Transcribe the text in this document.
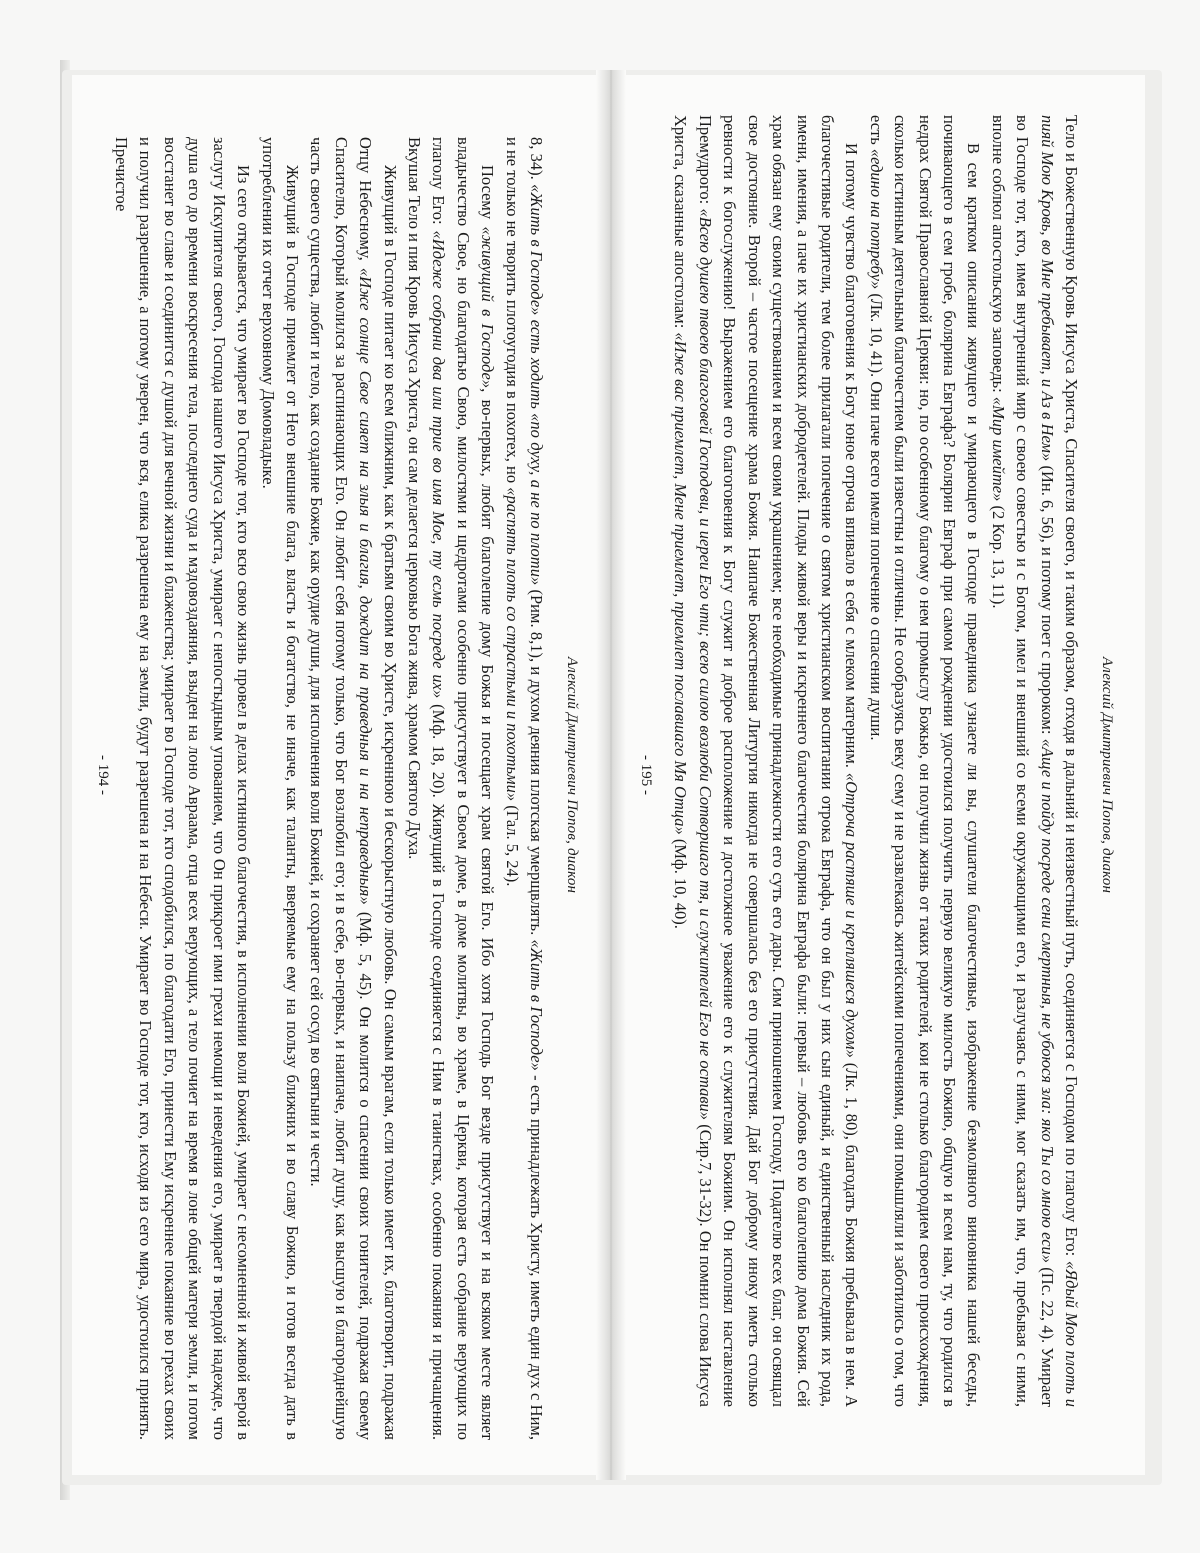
Алексий Дмитриевич Попов, диакон

8, 34). «Жить в Господе» есть ходить «по духу, а не по плоти» (Рим. 8,1), и духом деяния плотская умерщвлять. «Жить в Господе» - есть принадлежать Христу, иметь един дух с Ним, и не только не творить плотоугодия в похотех, но «распять плоть со страстьми и похотьми» (Гал. 5, 24).

Посему «живущий в Господе», во-первых, любит благолепие дому Божья и посещает храм святой Его. Ибо хотя Господь Бог везде присутствует и на всяком месте являет владычество Свое, но благодатью Свою, милостями и щедротами особенно присутствует в Своем доме, в доме молитвы, во храме, в Церкви, которая есть собрание верующих по глаголу Его: «Идеже собрани два или трие во имя Мое, ту есмь посреде их» (Мф. 18, 20). Живущий в Господе соединяется с Ним в таинствах, особенно покаяния и причащения. Вкушая Тело и пия Кровь Иисуса Христа, он сам делается церковью Бога жива, храмом Святого Духа.

Живущий в Господе питает ко всем ближним, как к братьям своим во Христе, искреннюю и бескорыстную любовь. Он самым врагам, если только имеет их, благотворит, подражая Отцу Небесному, «Иже солнце Свое сияет на злыя и благия, дождит на праведныя и на неправедныя» (Мф. 5, 45). Он молится о спасении своих гонителей, подражая своему Спасителю, Который молился за распинающих Его. Он любит себя потому только, что Бог возлюбил его; и в себе, во-первых, и наипаче, любит душу, как высшую и благороднейшую часть своего существа, любит и тело, как создание Божие, как орудие души, для исполнения воли Божией, и сохраняет сей сосуд во святыни и чести.

Живущий в Господе приемлет от Него внешние блага, власть и богатство, не иначе, как таланты, вверяемые ему на пользу ближних и во славу Божию, и готов всегда дать в употреблении их отчет верховному Домовладыке.

Из сего открывается, что умирает во Господе тот, кто всю свою жизнь провел в делах истинного благочестия, в исполнении воли Божией, умирает с несомненной и живой верой в заслугу Искупителя своего, Господа нашего Иисуса Христа, умирает с непостыдным упованием, что Он прикроет ими грехи немощи и неведения его, умирает в твердой надежде, что душа его до времени воскресения тела, последнего суда и мздовоздаяния, взыден на лоно Авраама, отца всех верующих, а тело почиет на время в лоне общей матери земли, и потом восстанет во славе и соединится с душой для вечной жизни и блаженства; умирает во Господе тот, кто сподобился, по благодати Его, принести Ему искреннее покаяние во грехах своих и получил разрешение, а потому уверен, что вся, елика разрешена ему на земли, будут разрешена и на Небеси. Умирает во Господе тот, кто, исходя из сего мира, удостоился принять. Пречистое

- 194 -	Алексий Дмитриевич Попов, диакон

Тело и Божественную Кровь Иисуса Христа, Спасителя своего, и таким образом, отходя в дальний и неизвестный путь, соединяется с Господом по глаголу Его: «Ядый Мою плоть и пияй Мою Кровь, во Мне пребывает, и Аз в Нем» (Ин. 6, 56), и потому поет с пророком: «Аще и пойду посреде сени смертныя, не убоюся зла: яко Ты со мною еси» (Пс. 22, 4). Умирает во Господе тот, кто, имея внутренний мир с своею совестью и с Богом, имел и внешний со всеми окружающими его, и разлучаясь с ними, мог сказать им, что, пребывая с ними, вполне соблюл апостольскую заповедь: «Мир имейте» (2 Кор. 13, 11).

В сем кратком описании живущего и умирающего в Господе праведника узнаете ли вы, слушатели благочестивые, изображение безмолвного виновника нашей беседы, почивающего в сем гробе, болярина Евграфа? Болярин Евграф при самом рождении удостоился получить первую великую милость Божию, общую и всем нам, ту, что родился в недрах Святой Православной Церкви: но, по особенному благому о нем промыслу Божью, он получил жизнь от таких родителей, кои не столько благородием своего происхождения, сколько истинным деятельным благочестием были известны и отличны. Не сообразуясь веку сему и не развлекаясь житейскими попечениями, они помышляли и заботились о том, что есть «едино на потребу» (Лк. 10, 41). Они паче всего имели попечение о спасении души.

И потому чувство благоговения к Богу юное отроча впивало в себя с млеком матерним. «Отроча растяше и крепляшеся духом» (Лк. 1, 80), благодать Божия пребывала в нем. А благочестивые родители, тем более прилагали попечение о святом христианском воспитании отрока Евграфа, что он был у них сын единый, и единственный наследник их рода, имени, имения, а паче их христианских добродетелей. Плоды живой веры и искреннего благочестия болярина Евграфа были: первый – любовь его ко благолепию дома Божия. Сей храм обязан ему своим существованием и всем своим украшением; все необходимые принадлежности его суть его дары. Сим приношением Господу, Подателю всех благ, он освящал свое достояние. Второй – частое посещение храма Божия. Наипаче Божественная Литургия никогда не совершалась без его присутствия. Дай Бог доброму иноку иметь столько ревности к богослужению! Выражением его благоговения к Богу служит и доброе расположение и достолжное уважение его к служителям Божиим. Он исполнял наставление Премудрого: «Всею душею твоею благоговей Господеви, и иереи Его чти; всею силою возлюби Сотворшаго тя, и служителей Его не остави» (Сир.7, 31-32). Он помнил слова Иисуса Христа, сказанные апостолам: «Иже вас приемлет, Мене приемлет, приемлет пославшаго Мя Отца» (Мф. 10, 40).

- 195 -
